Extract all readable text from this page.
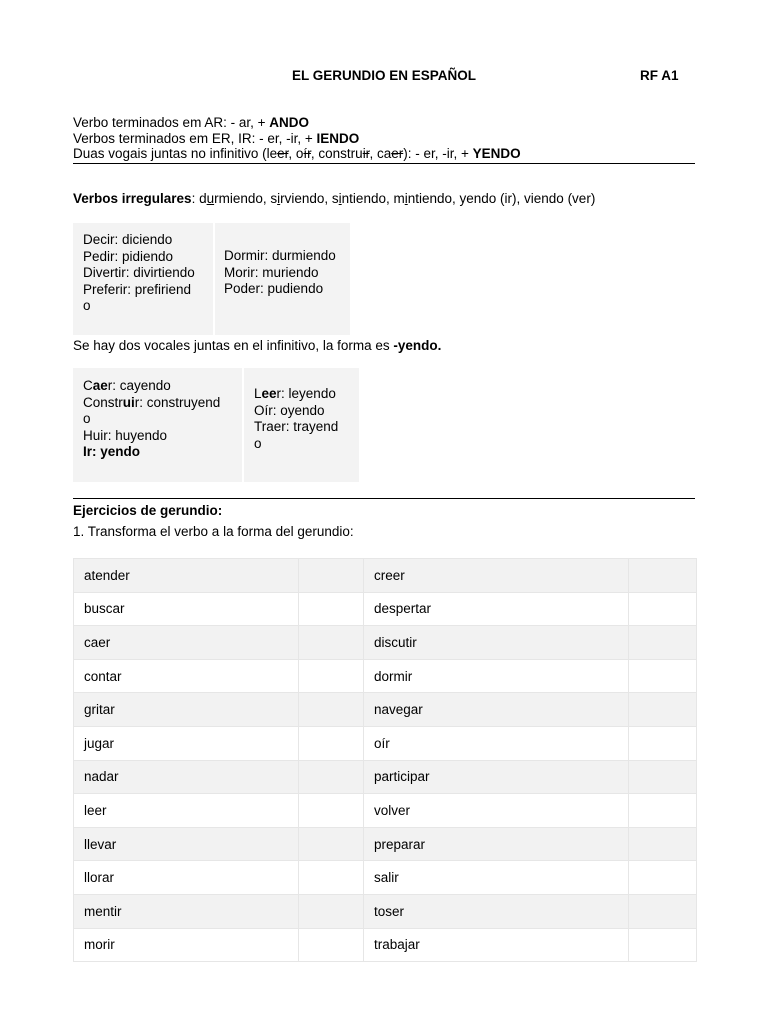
EL GERUNDIO EN ESPAÑOL	RF A1
Verbo terminados em AR: - ar, + ANDO
Verbos terminados em ER, IR: - er, -ir, + IENDO
Duas vogais juntas no infinitivo (leer, oír, construir, caer): - er, -ir, + YENDO
Verbos irregulares: durmiendo, sirviendo, sintiendo, mintiendo, yendo (ir), viendo (ver)
Decir: diciendo
Pedir: pidiendo
Divertir: divirtiendo
Preferir: prefiriend
o
Dormir: durmiendo
Morir: muriendo
Poder: pudiendo
Se hay dos vocales juntas en el infinitivo, la forma es -yendo.
Caer: cayendo
Construir: construyend
o
Huir: huyendo
Ir: yendo
Leer: leyendo
Oír: oyendo
Traer: trayend
o
Ejercicios de gerundio:
1. Transforma el verbo a la forma del gerundio:
atender		creer	
buscar		despertar	
caer		discutir	
contar		dormir	
gritar		navegar	
jugar		oír	
nadar		participar	
leer		volver	
llevar		preparar	
llorar		salir	
mentir		toser	
morir		trabajar	
